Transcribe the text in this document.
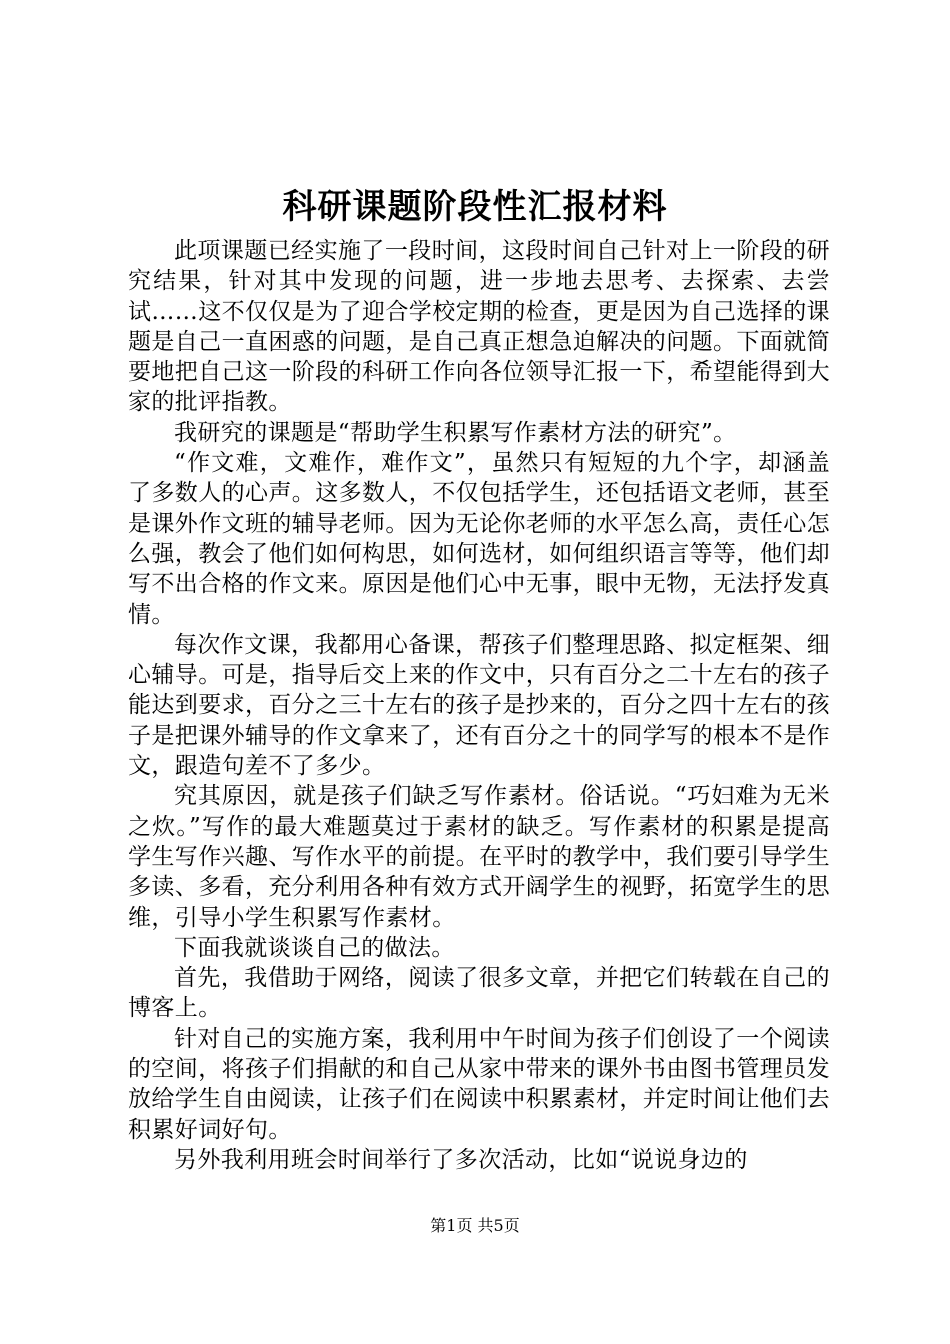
科研课题阶段性汇报材料

此项课题已经实施了一段时间，这段时间自己针对上一阶段的研究结果，针对其中发现的问题，进一步地去思考、去探索、去尝试……这不仅仅是为了迎合学校定期的检查，更是因为自己选择的课题是自己一直困惑的问题，是自己真正想急迫解决的问题。下面就简要地把自己这一阶段的科研工作向各位领导汇报一下，希望能得到大家的批评指教。

我研究的课题是“帮助学生积累写作素材方法的研究”。

“作文难，文难作，难作文”，虽然只有短短的九个字，却涵盖了多数人的心声。这多数人，不仅包括学生，还包括语文老师，甚至是课外作文班的辅导老师。因为无论你老师的水平怎么高，责任心怎么强，教会了他们如何构思，如何选材，如何组织语言等等，他们却写不出合格的作文来。原因是他们心中无事，眼中无物，无法抒发真情。

每次作文课，我都用心备课，帮孩子们整理思路、拟定框架、细心辅导。可是，指导后交上来的作文中，只有百分之二十左右的孩子能达到要求，百分之三十左右的孩子是抄来的，百分之四十左右的孩子是把课外辅导的作文拿来了，还有百分之十的同学写的根本不是作文，跟造句差不了多少。

究其原因，就是孩子们缺乏写作素材。俗话说。“巧妇难为无米之炊。”写作的最大难题莫过于素材的缺乏。写作素材的积累是提高学生写作兴趣、写作水平的前提。在平时的教学中，我们要引导学生多读、多看，充分利用各种有效方式开阔学生的视野，拓宽学生的思维，引导小学生积累写作素材。

下面我就谈谈自己的做法。

首先，我借助于网络，阅读了很多文章，并把它们转载在自己的博客上。

针对自己的实施方案，我利用中午时间为孩子们创设了一个阅读的空间，将孩子们捐献的和自己从家中带来的课外书由图书管理员发放给学生自由阅读，让孩子们在阅读中积累素材，并定时间让他们去积累好词好句。

另外我利用班会时间举行了多次活动，比如“说说身边的

第1页 共5页
